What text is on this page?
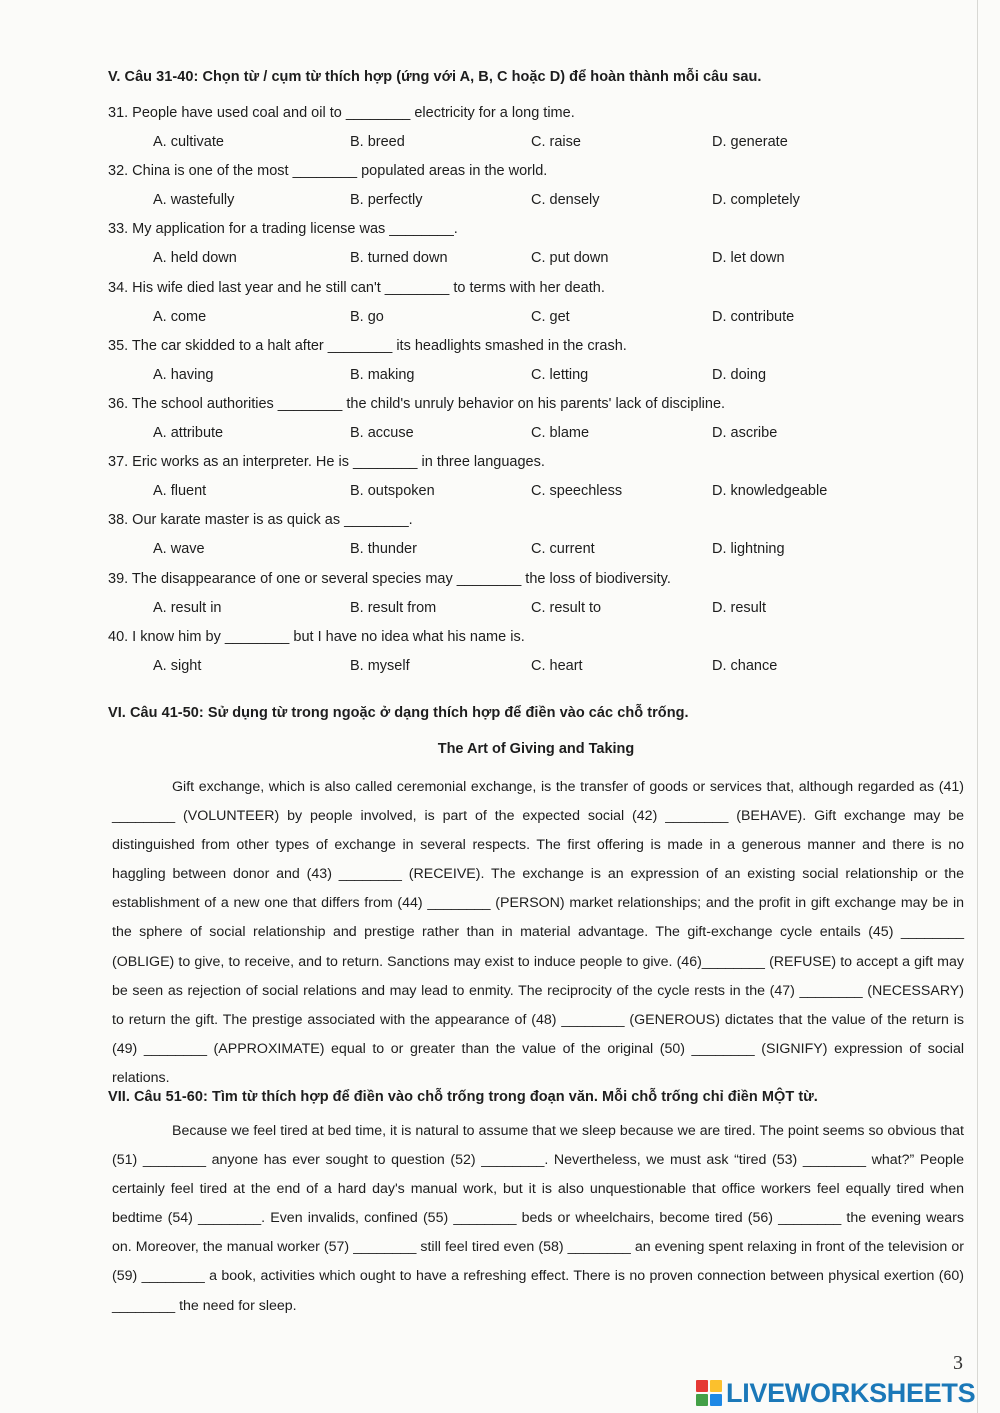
V. Câu 31-40: Chọn từ / cụm từ thích hợp (ứng với A, B, C hoặc D) để hoàn thành mỗi câu sau.
31. People have used coal and oil to ________ electricity for a long time.
A. cultivate	B. breed	C. raise	D. generate
32. China is one of the most ________ populated areas in the world.
A. wastefully	B. perfectly	C. densely	D. completely
33. My application for a trading license was ________.
A. held down	B. turned down	C. put down	D. let down
34. His wife died last year and he still can't ________ to terms with her death.
A. come	B. go	C. get	D. contribute
35. The car skidded to a halt after ________ its headlights smashed in the crash.
A. having	B. making	C. letting	D. doing
36. The school authorities ________ the child's unruly behavior on his parents' lack of discipline.
A. attribute	B. accuse	C. blame	D. ascribe
37. Eric works as an interpreter. He is ________ in three languages.
A. fluent	B. outspoken	C. speechless	D. knowledgeable
38. Our karate master is as quick as ________.
A. wave	B. thunder	C. current	D. lightning
39. The disappearance of one or several species may ________ the loss of biodiversity.
A. result in	B. result from	C. result to	D. result
40. I know him by ________ but I have no idea what his name is.
A. sight	B. myself	C. heart	D. chance
VI. Câu 41-50: Sử dụng từ trong ngoặc ở dạng thích hợp để điền vào các chỗ trống.
The Art of Giving and Taking

Gift exchange, which is also called ceremonial exchange, is the transfer of goods or services that, although regarded as (41) ________ (VOLUNTEER) by people involved, is part of the expected social (42) ________ (BEHAVE). Gift exchange may be distinguished from other types of exchange in several respects. The first offering is made in a generous manner and there is no haggling between donor and (43) ________ (RECEIVE). The exchange is an expression of an existing social relationship or the establishment of a new one that differs from (44) ________ (PERSON) market relationships; and the profit in gift exchange may be in the sphere of social relationship and prestige rather than in material advantage. The gift-exchange cycle entails (45) ________ (OBLIGE) to give, to receive, and to return. Sanctions may exist to induce people to give. (46)________ (REFUSE) to accept a gift may be seen as rejection of social relations and may lead to enmity. The reciprocity of the cycle rests in the (47) ________ (NECESSARY) to return the gift. The prestige associated with the appearance of (48) ________ (GENEROUS) dictates that the value of the return is (49) ________ (APPROXIMATE) equal to or greater than the value of the original (50) ________ (SIGNIFY) expression of social relations.

VII. Câu 51-60: Tìm từ thích hợp để điền vào chỗ trống trong đoạn văn. Mỗi chỗ trống chỉ điền MỘT từ.

Because we feel tired at bed time, it is natural to assume that we sleep because we are tired. The point seems so obvious that (51) ________ anyone has ever sought to question (52) ________. Nevertheless, we must ask “tired (53) ________ what?” People certainly feel tired at the end of a hard day's manual work, but it is also unquestionable that office workers feel equally tired when bedtime (54) ________. Even invalids, confined (55) ________ beds or wheelchairs, become tired (56) ________ the evening wears on. Moreover, the manual worker (57) ________ still feel tired even (58) ________ an evening spent relaxing in front of the television or (59) ________ a book, activities which ought to have a refreshing effect. There is no proven connection between physical exertion (60) ________ the need for sleep.

3
LIVEWORKSHEETS
